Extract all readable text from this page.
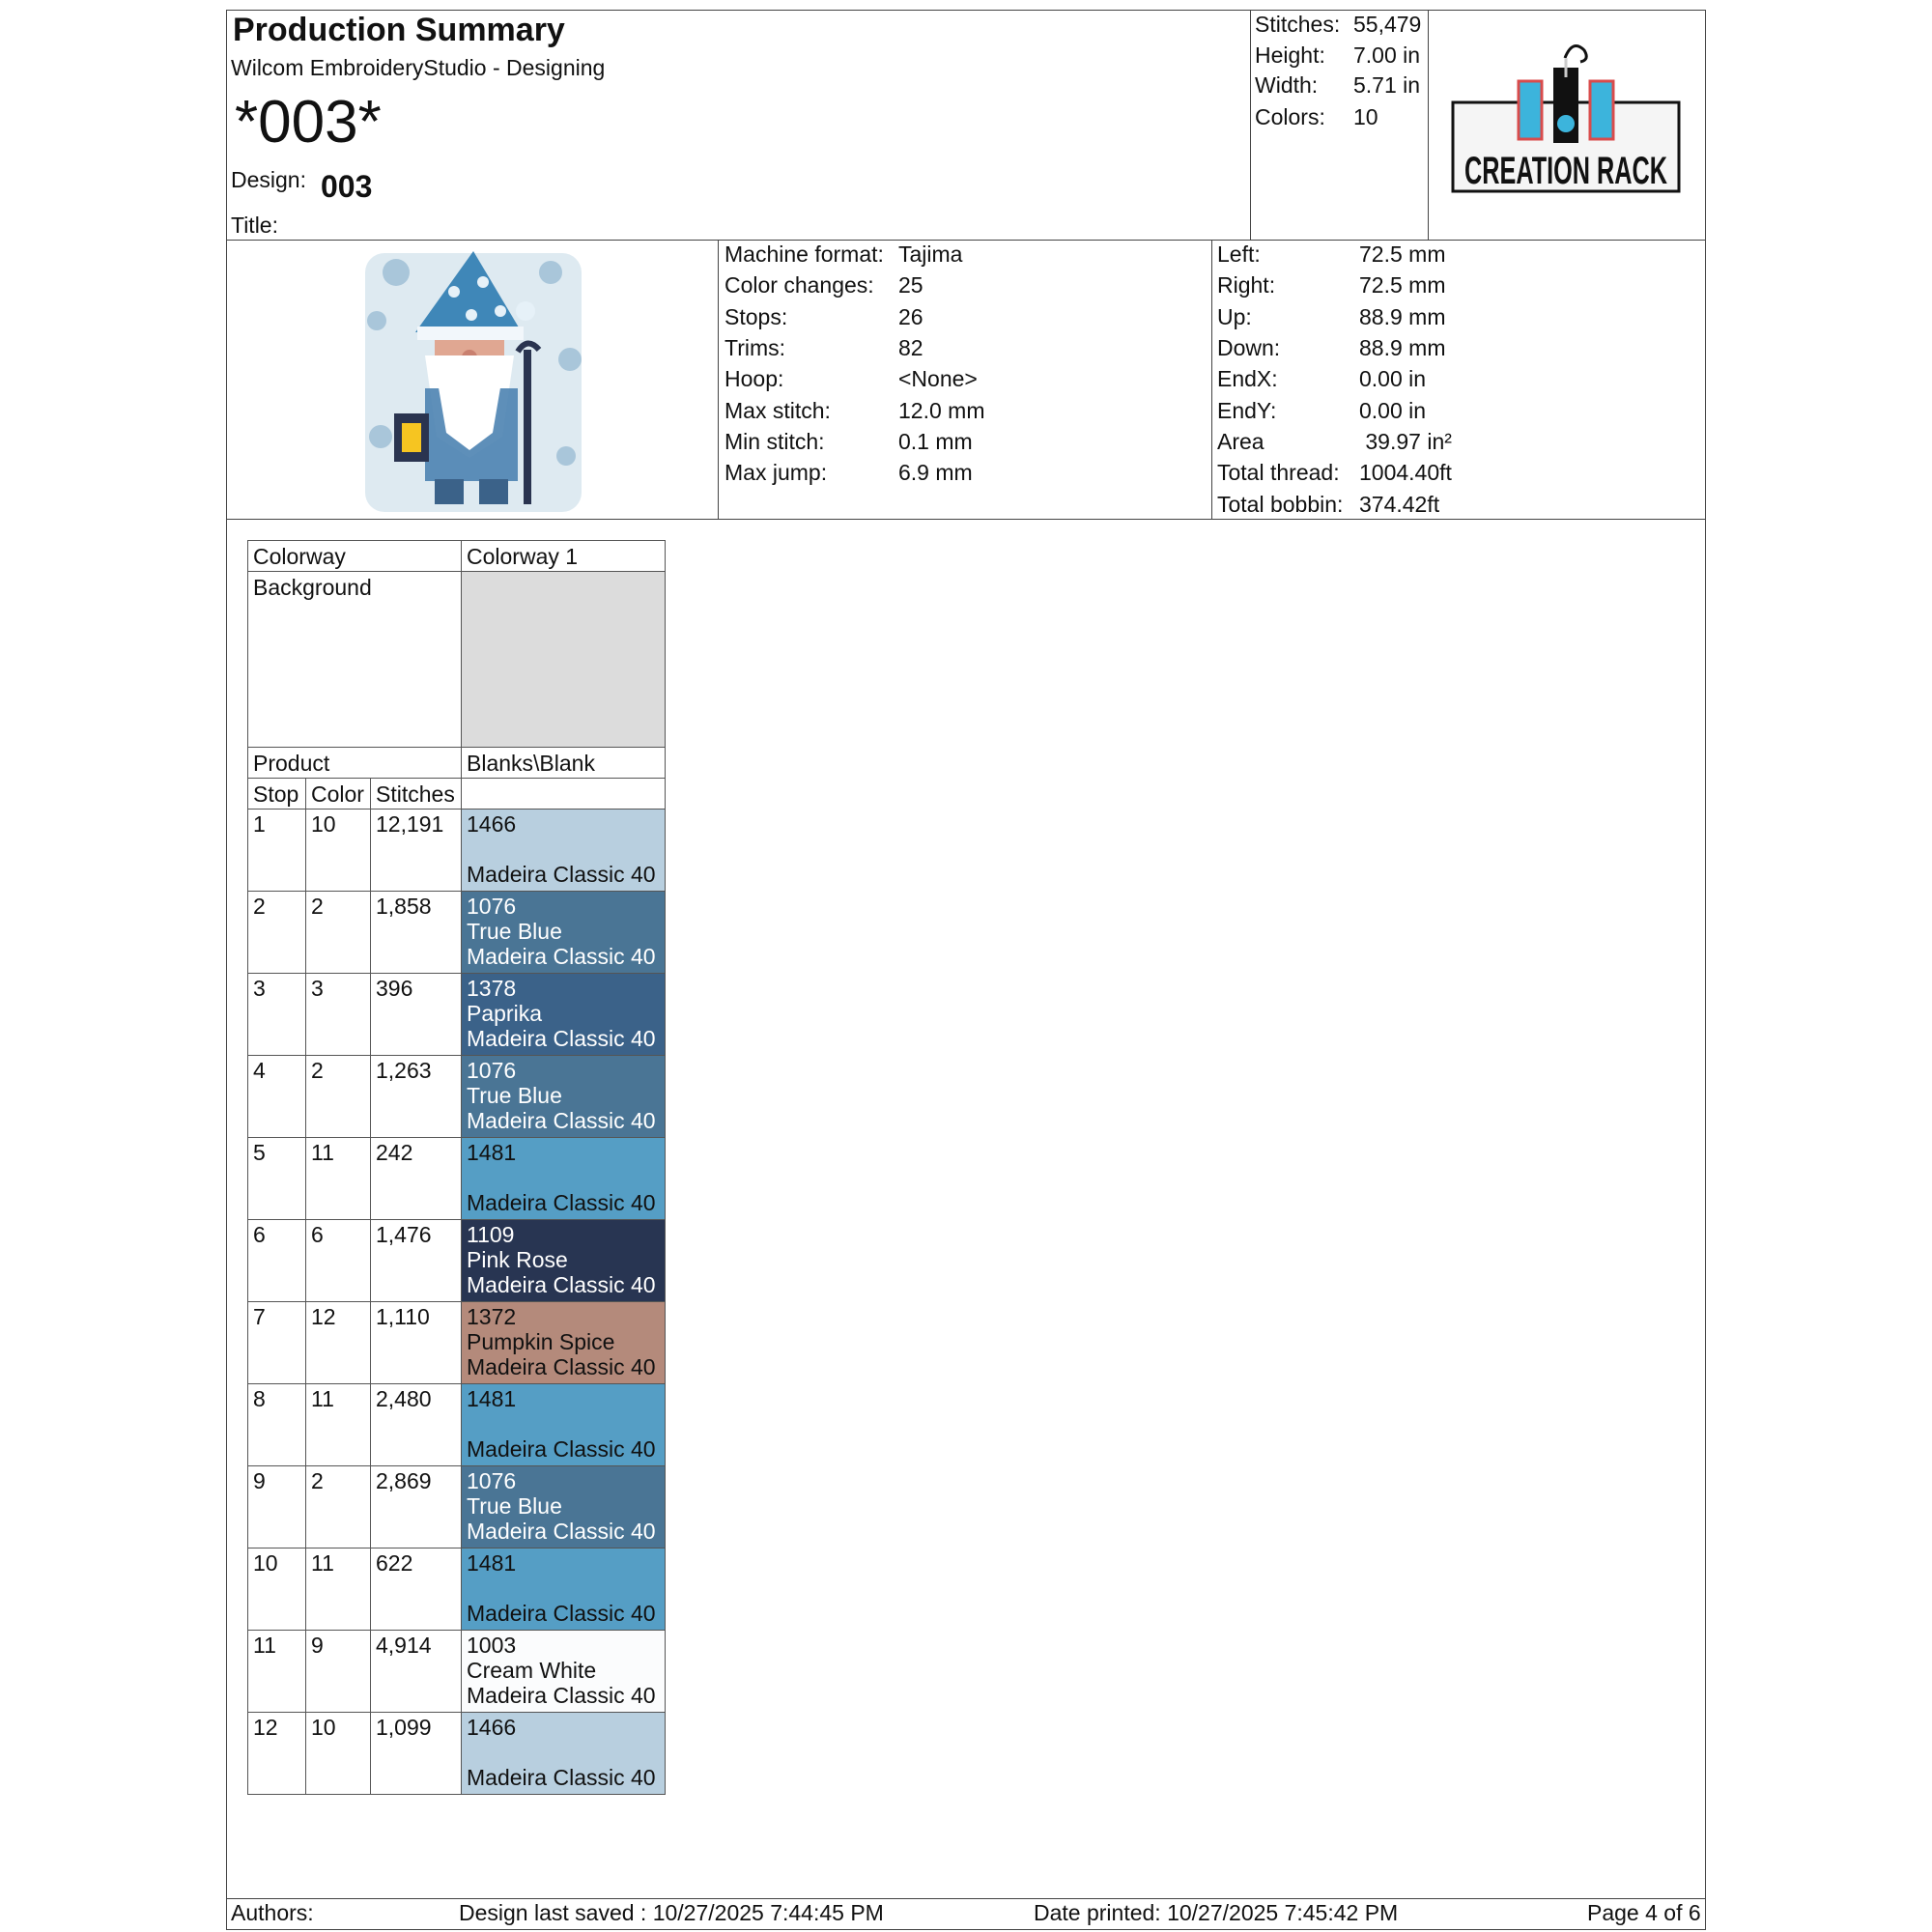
Production Summary
Wilcom EmbroideryStudio - Designing
*003*
Design: 003
Title:
Stitches: 55,479
Height: 7.00 in
Width: 5.71 in
Colors: 10
CREATION RACK
Machine format: Tajima
Color changes: 25
Stops:	26
Trims:	82
Hoop:	<None>
Max stitch:	12.0 mm
Min stitch:	0.1 mm
Max jump:	6.9 mm
Left:	72.5 mm
Right:	72.5 mm
Up:	88.9 mm
Down:	88.9 mm
EndX:	0.00 in
EndY:	0.00 in
Area	39.97 in²
Total thread: 1004.40ft
Total bobbin: 374.42ft
Colorway			Colorway 1
Background			
Product			Blanks\Blank
Stop	Color	Stitches	
1	10	12,191	1466
Madeira Classic 40

2	2	1,858	1076
True Blue
Madeira Classic 40

3	3	396	1378
Paprika
Madeira Classic 40

4	2	1,263	1076
True Blue
Madeira Classic 40

5	11	242	1481
Madeira Classic 40

6	6	1,476	1109
Pink Rose
Madeira Classic 40

7	12	1,110	1372
Pumpkin Spice
Madeira Classic 40

8	11	2,480	1481
Madeira Classic 40

9	2	2,869	1076
True Blue
Madeira Classic 40

10	11	622	1481
Madeira Classic 40

11	9	4,914	1003
Cream White
Madeira Classic 40

12	10	1,099	1466
Madeira Classic 40
Authors:	Design last saved : 10/27/2025 7:44:45 PM	Date printed: 10/27/2025 7:45:42 PM	Page 4 of 6
